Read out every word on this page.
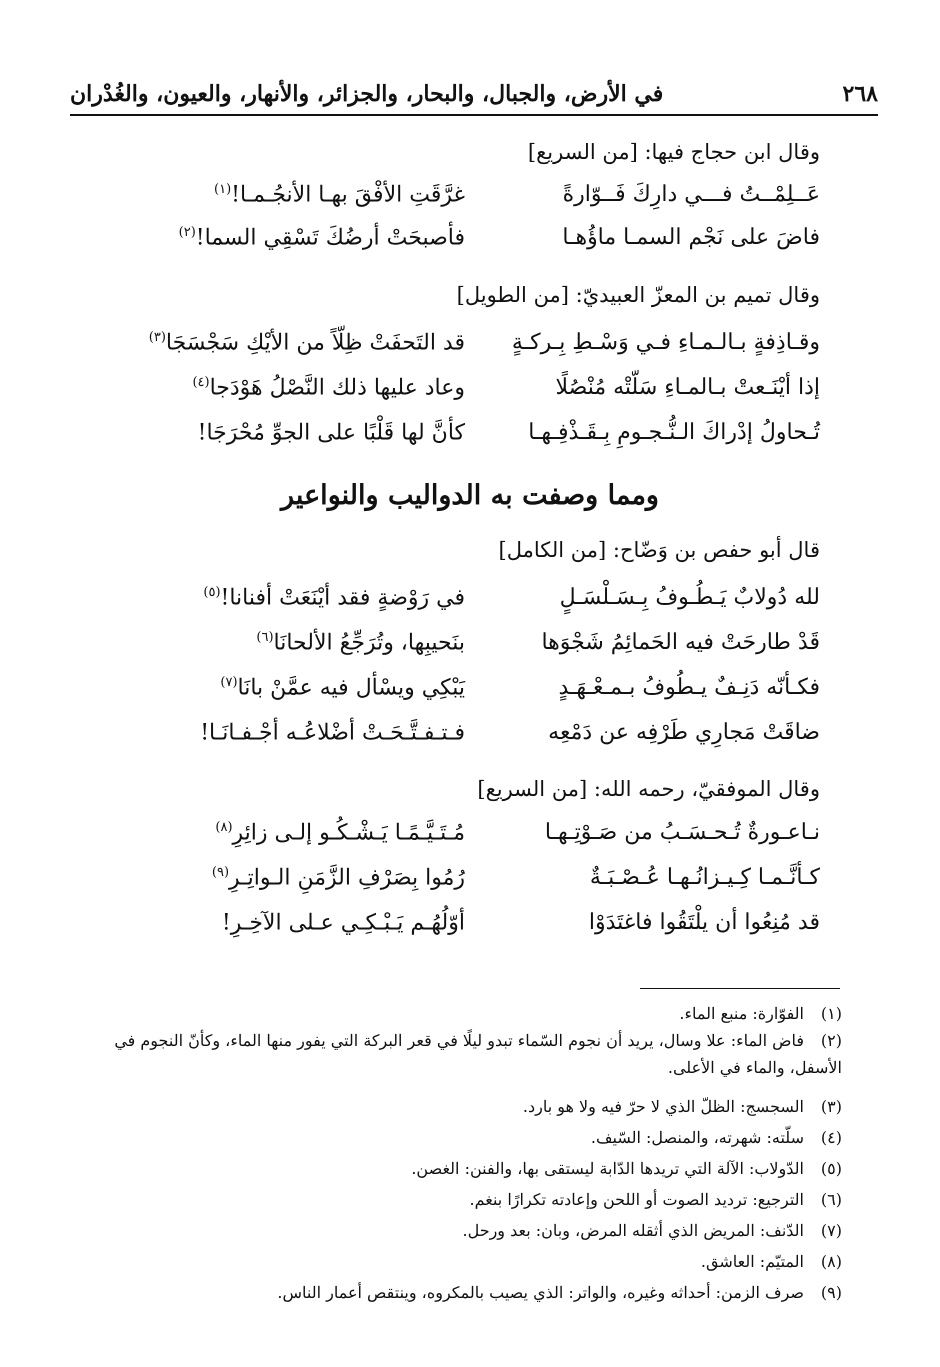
٢٦٨
في الأرض، والجبال، والبحار، والجزائر، والأنهار، والعيون، والغُدْران
وقال ابن حجاج فيها: [من السريع]
عَــلِمْــتُ فـــي دارِكَ فَــوّارةً
غرَّقَتِ الأفْقَ بهـا الأنجُـمـا!$^{(١)}$
فاضَ على نَجْم السمـا ماؤُهـا
فأصبحَتْ أرضُكَ تَسْقِي السما!$^{(٢)}$
وقال تميم بن المعزّ العبيديّ: [من الطويل]
وقـاذِفةٍ بـالـمـاءِ فـي وَسْـطِ بِـركـةٍ
قد التَحفَتْ ظِلّاً من الأيْكِ سَجْسَجَا$^{(٣)}$
إذا أيْنَـعتْ بـالمـاءِ سَلّتْه مُنْصُلًا
وعاد عليها ذلك النَّصْلُ هَوْدَجا$^{(٤)}$
تُـحاولُ إدْراكَ الـنُّـجـومِ بِـقَـذْفِـهـا
كأنَّ لها قَلْبًا على الجوِّ مُحْرَجَا!
ومما وصفت به الدواليب والنواعير
قال أبو حفص بن وَضّاح: [من الكامل]
لله دُولابٌ يَـطُـوفُ بِـسَـلْسَـلٍ
في رَوْضةٍ فقد أيْنَعَتْ أفنانا!$^{(٥)}$
قَدْ طارحَتْ فيه الحَمائِمُ شَجْوَها
بنَحيبِها، وتُرَجِّعُ الألحانَا$^{(٦)}$
فكـأنّه دَنِـفٌ يـطُوفُ بـمـعْـهَـدٍ
يَبْكِي ويسْأل فيه عمَّنْ بانَا$^{(٧)}$
ضاقَتْ مَجارِي طَرْفِه عن دَمْعِه
فـتـفـتَّـحَـتْ أضْلاعُـه أجْـفـانَـا!
وقال الموفقيّ، رحمه الله: [من السريع]
نـاعـورةٌ تُـحـسَـبُ من صَـوْتِـهـا
مُـتَـيَّـمًـا يَـشْـكُـو إلـى زائِرِ$^{(٨)}$
كـأنَّـمـا كِـيـزانُـهـا عُـصْـبَـةٌ
رُمُوا بِصَرْفِ الزَّمَنِ الـواتِـرِ$^{(٩)}$
قد مُنِعُوا أن يلْتَقُوا فاغتَدَوْا
أوّلُهُـم يَـبْـكِـي عـلى الآخِـرِ!
(١)الفوّارة: منبع الماء.
(٢)فاض الماء: علا وسال، يريد أن نجوم السّماء تبدو ليلًا في قعر البركة التي يفور منها الماء، وكأنّ النجوم في الأسفل، والماء في الأعلى.
(٣)السجسج: الظلّ الذي لا حرّ فيه ولا هو بارد.
(٤)سلّته: شهرته، والمنصل: السّيف.
(٥)الدّولاب: الآلة التي تريدها الدّابة ليستقى بها، والفنن: الغصن.
(٦)الترجيع: ترديد الصوت أو اللحن وإعادته تكرارًا بنغم.
(٧)الدّنف: المريض الذي أثقله المرض، وبان: بعد ورحل.
(٨)المتيّم: العاشق.
(٩)صرف الزمن: أحداثه وغيره، والواتر: الذي يصيب بالمكروه، وينتقص أعمار الناس.
